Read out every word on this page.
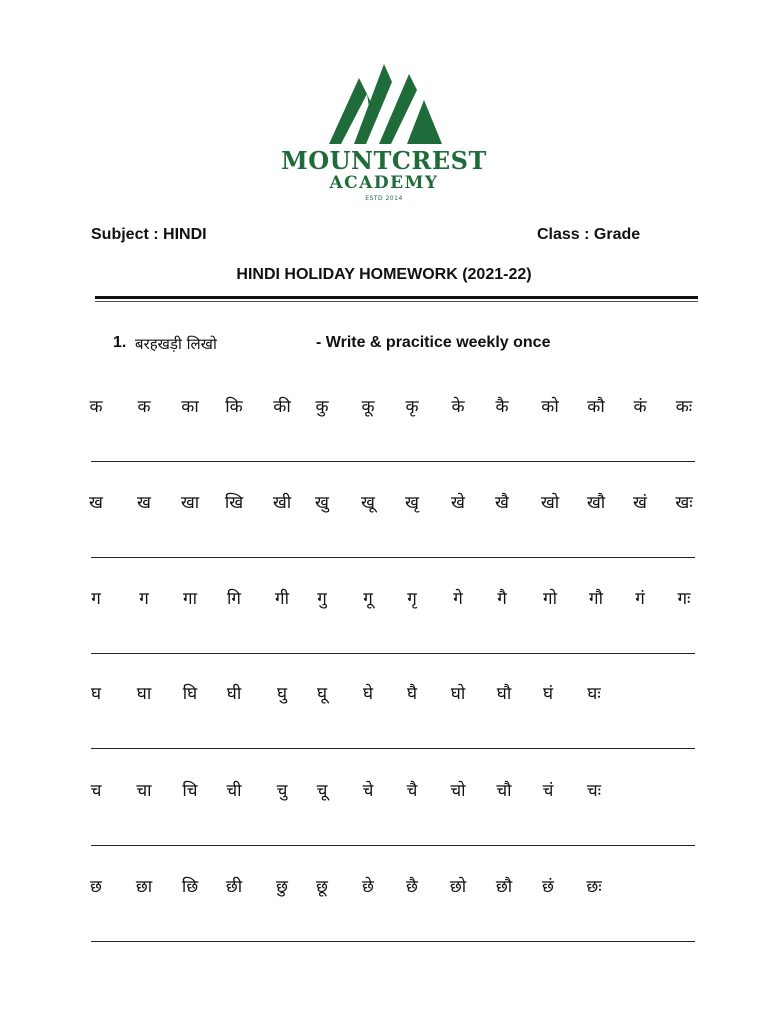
MOUNTCREST
ACADEMY
ESTD 2014
Subject : HINDI	Class : Grade
HINDI HOLIDAY HOMEWORK (2021-22)
1. बरहखड़ी लिखो	- Write & pracitice weekly once
क	क	का	कि	की	कु	कू	कृ	के	कै	को	कौ	कं	कः
ख	ख	खा	खि	खी	खु	खू	खृ	खे	खै	खो	खौ	खं	खः
ग	ग	गा	गि	गी	गु	गू	गृ	गे	गै	गो	गौ	गं	गः
घ	घा	घि	घी	घु	घू	घे	घै	घो	घौ	घं	घः
च	चा	चि	ची	चु	चू	चे	चै	चो	चौ	चं	चः
छ	छा	छि	छी	छु	छू	छे	छै	छो	छौ	छं	छः
